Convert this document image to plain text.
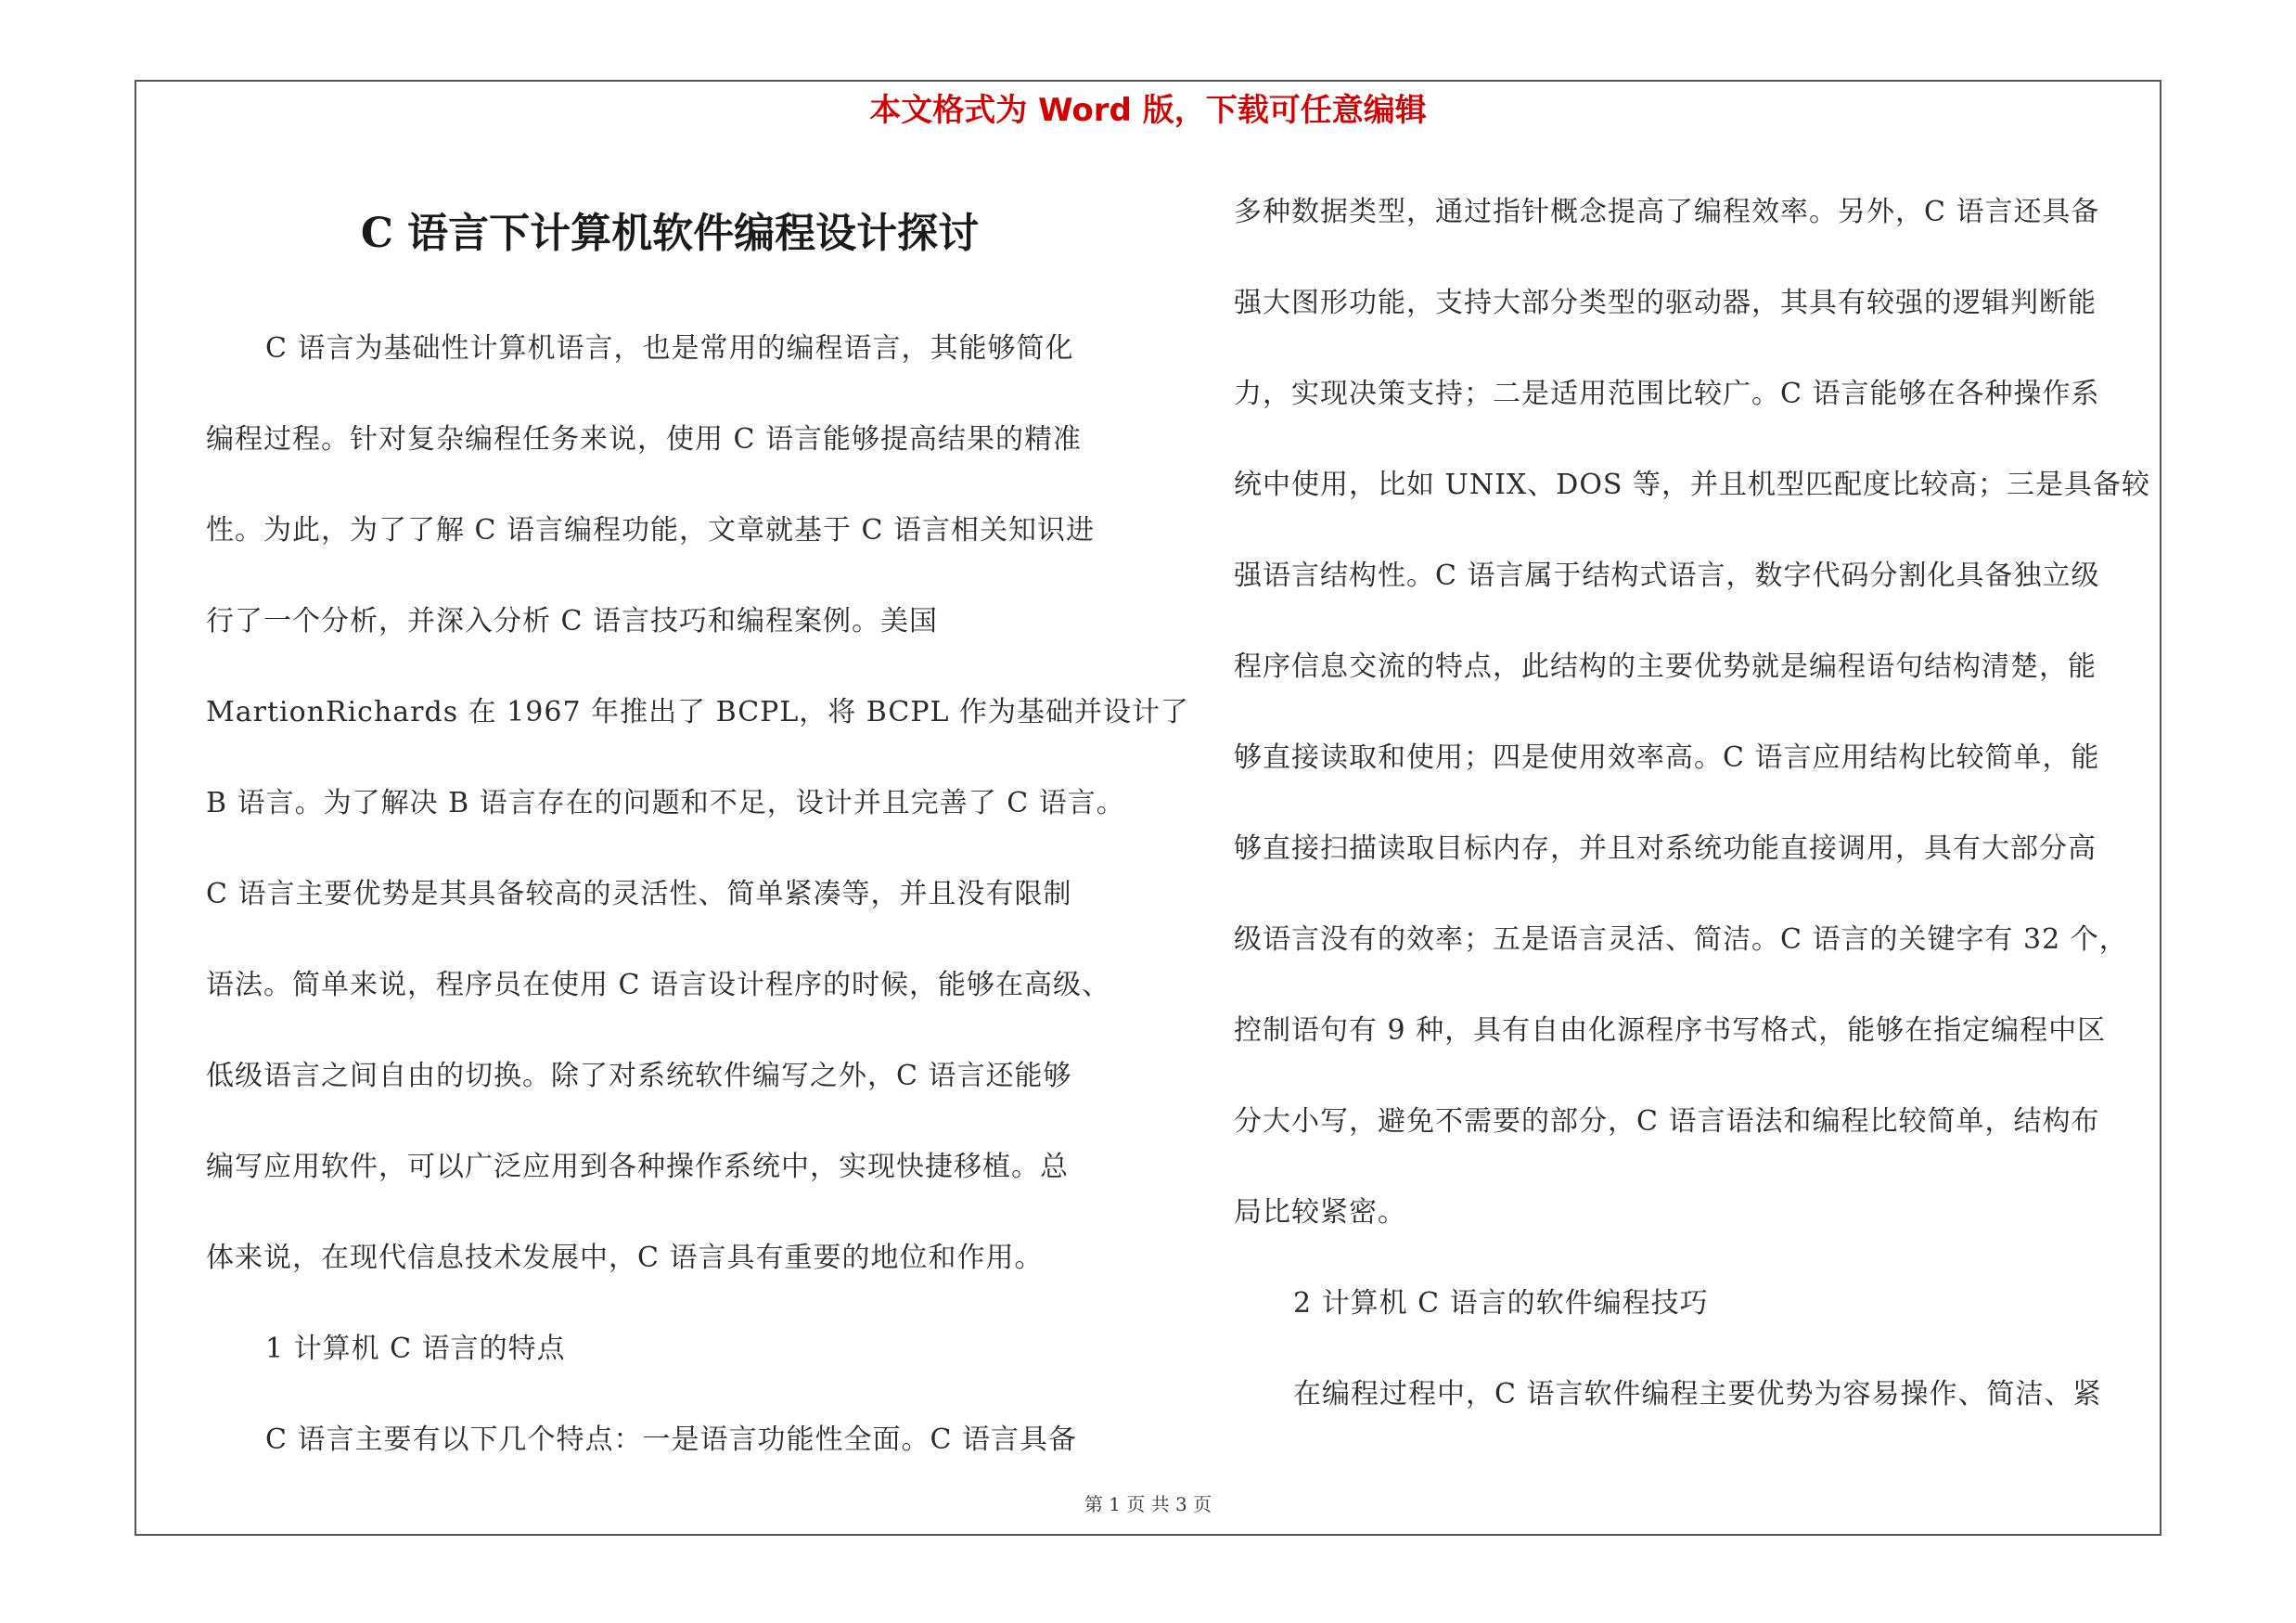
本文格式为 Word 版，下载可任意编辑
C 语言下计算机软件编程设计探讨
C 语言为基础性计算机语言，也是常用的编程语言，其能够简化
编程过程。针对复杂编程任务来说，使用 C 语言能够提高结果的精准
性。为此，为了了解 C 语言编程功能，文章就基于 C 语言相关知识进
行了一个分析，并深入分析 C 语言技巧和编程案例。美国
MartionRichards 在 1967 年推出了 BCPL，将 BCPL 作为基础并设计了
B 语言。为了解决 B 语言存在的问题和不足，设计并且完善了 C 语言。
C 语言主要优势是其具备较高的灵活性、简单紧凑等，并且没有限制
语法。简单来说，程序员在使用 C 语言设计程序的时候，能够在高级、
低级语言之间自由的切换。除了对系统软件编写之外，C 语言还能够
编写应用软件，可以广泛应用到各种操作系统中，实现快捷移植。总
体来说，在现代信息技术发展中，C 语言具有重要的地位和作用。
1 计算机 C 语言的特点
C 语言主要有以下几个特点：一是语言功能性全面。C 语言具备
多种数据类型，通过指针概念提高了编程效率。另外，C 语言还具备
强大图形功能，支持大部分类型的驱动器，其具有较强的逻辑判断能
力，实现决策支持；二是适用范围比较广。C 语言能够在各种操作系
统中使用，比如 UNIX、DOS 等，并且机型匹配度比较高；三是具备较
强语言结构性。C 语言属于结构式语言，数字代码分割化具备独立级
程序信息交流的特点，此结构的主要优势就是编程语句结构清楚，能
够直接读取和使用；四是使用效率高。C 语言应用结构比较简单，能
够直接扫描读取目标内存，并且对系统功能直接调用，具有大部分高
级语言没有的效率；五是语言灵活、简洁。C 语言的关键字有 32 个，
控制语句有 9 种，具有自由化源程序书写格式，能够在指定编程中区
分大小写，避免不需要的部分，C 语言语法和编程比较简单，结构布
局比较紧密。
2 计算机 C 语言的软件编程技巧
在编程过程中，C 语言软件编程主要优势为容易操作、简洁、紧
第 1 页 共 3 页
